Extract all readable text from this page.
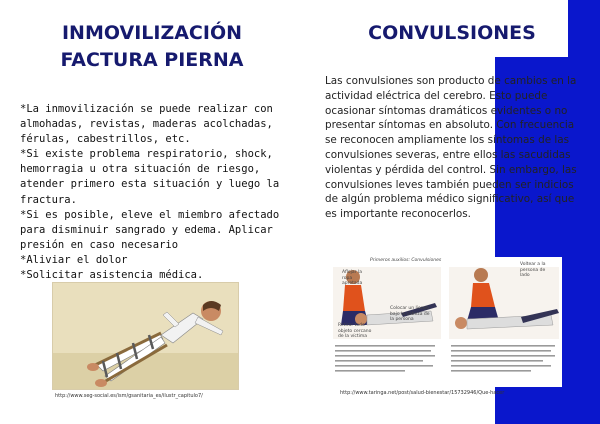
INMOVILIZACIÓN
FACTURA PIERNA
CONVULSIONES

*La inmovilización se puede realizar con almohadas, revistas, maderas acolchadas, férulas, cabestrillos, etc.

*Si existe problema respiratorio, shock, hemorragia u otra situación de riesgo, atender primero esta situación y luego la fractura.

*Si es posible, eleve el miembro afectado para disminuir sangrado y edema. Aplicar presión en caso necesario

*Aliviar el dolor

*Solicitar asistencia médica.

Las convulsiones son producto de cambios en la actividad eléctrica del cerebro. Esto puede ocasionar síntomas dramáticos evidentes o no presentar síntomas en absoluto. Con frecuencia se reconocen ampliamente los síntomas de las convulsiones severas, entre ellos las sacudidas violentas y pérdida del control. Sin embargo, las convulsiones leves también pueden ser indicios de algún problema médico significativo, así que es importante reconocerlos.
http://www.seg-social.es/ism/gsanitaria_es/ilustr_capitulo7/
Primeros auxilios: Convulsiones
Aflojar la ropa apretada
Colocar un lienzo bajo la cabeza de la persona
Retirar todo objeto cercano de la víctima
Voltear a la persona de lado
http://www.taringa.net/post/salud-bienestar/15732946/Que-hacer
